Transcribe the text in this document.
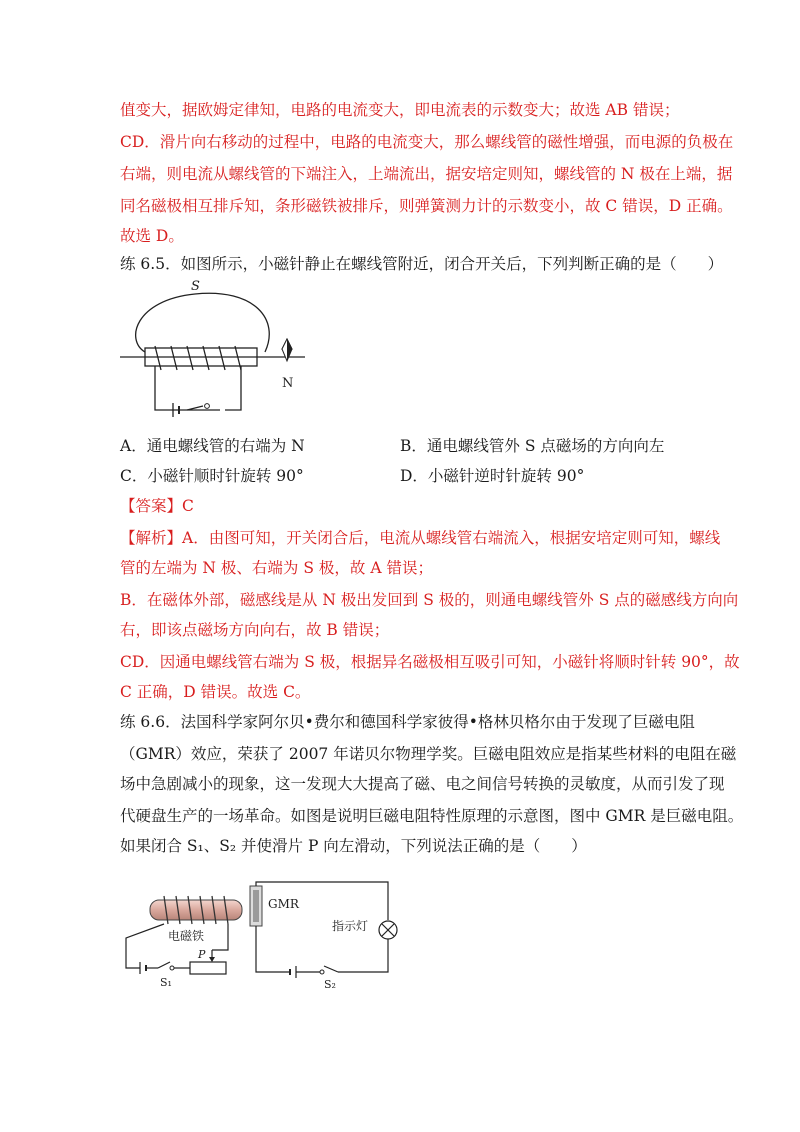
值变大，据欧姆定律知，电路的电流变大，即电流表的示数变大；故选 AB 错误；
CD．滑片向右移动的过程中，电路的电流变大，那么螺线管的磁性增强，而电源的负极在
右端，则电流从螺线管的下端注入，上端流出，据安培定则知，螺线管的 N 极在上端，据
同名磁极相互排斥知，条形磁铁被排斥，则弹簧测力计的示数变小，故 C 错误，D 正确。
故选 D。
练 6.5．如图所示，小磁针静止在螺线管附近，闭合开关后，下列判断正确的是（　　）
S
N
A．通电螺线管的右端为 N	B．通电螺线管外 S 点磁场的方向向左
C．小磁针顺时针旋转 90°	D．小磁针逆时针旋转 90°
【答案】C
【解析】A．由图可知，开关闭合后，电流从螺线管右端流入，根据安培定则可知，螺线
管的左端为 N 极、右端为 S 极，故 A 错误；
B．在磁体外部，磁感线是从 N 极出发回到 S 极的，则通电螺线管外 S 点的磁感线方向向
右，即该点磁场方向向右，故 B 错误；
CD．因通电螺线管右端为 S 极，根据异名磁极相互吸引可知，小磁针将顺时针转 90°，故
C 正确，D 错误。故选 C。
练 6.6．法国科学家阿尔贝•费尔和德国科学家彼得•格林贝格尔由于发现了巨磁电阻
（GMR）效应，荣获了 2007 年诺贝尔物理学奖。巨磁电阻效应是指某些材料的电阻在磁
场中急剧减小的现象，这一发现大大提高了磁、电之间信号转换的灵敏度，从而引发了现
代硬盘生产的一场革命。如图是说明巨磁电阻特性原理的示意图，图中 GMR 是巨磁电阻。
如果闭合 S₁、S₂ 并使滑片 P 向左滑动，下列说法正确的是（　　）
电磁铁
S₁
P
GMR
指示灯
S₂
